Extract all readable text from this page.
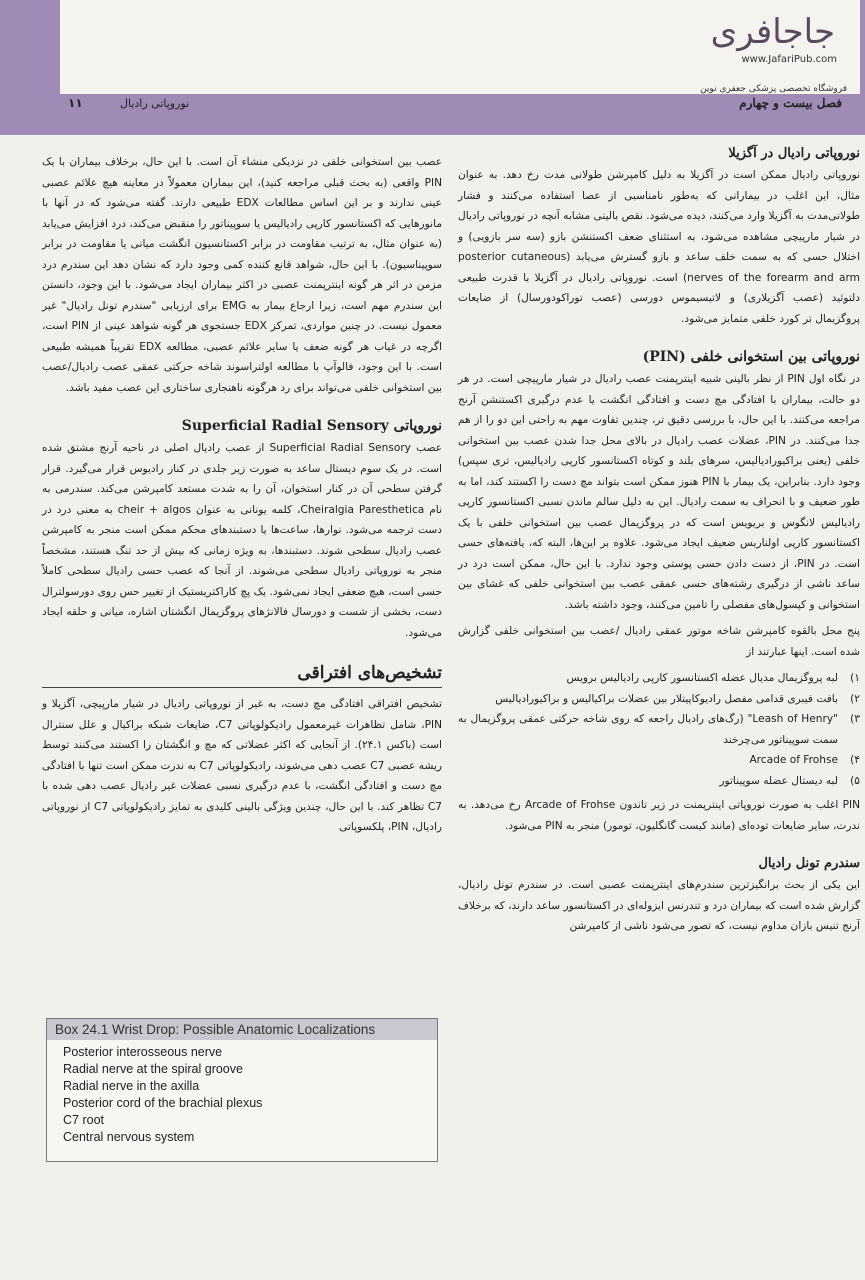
جاجافری
www.JafariPub.com
فروشگاه تخصصی پزشکی جعفری نوین
فصل بیست و چهارم
نوروپاتی رادیال
۱۱
نوروپاتی رادیال در آگزیلا

نوروپاتی رادیال ممکن است در آگزیلا به دلیل کامپرشن طولانی مدت رخ دهد. به عنوان مثال، این اغلب در بیمارانی که به‌طور نامناسبی از عصا استفاده می‌کنند و فشار طولانی‌مدت به آگزیلا وارد می‌کنند، دیده می‌شود. نقص بالینی مشابه آنچه در نوروپاتی رادیال در شیار مارپیچی مشاهده می‌شود، به استثنای ضعف اکستنشن بازو (سه سر بازویی) و اختلال حسی که به سمت خلف ساعد و بازو گسترش می‌یابد (posterior cutaneous nerves of the forearm and arm) است. نوروپاتی رادیال در آگزیلا با قدرت طبیعی دلتوئید (عصب آگزیلاری) و لاتیسیموس دورسی (عصب توراکودورسال) از ضایعات پروگزیمال تر کورد خلفی متمایز می‌شود.

نوروپاتی بین استخوانی خلفی (PIN)

در نگاه اول PIN از نظر بالینی شبیه اینترپمنت عصب رادیال در شیار مارپیچی است. در هر دو حالت، بیماران با افتادگی مچ دست و افتادگی انگشت یا عدم درگیری اکستنشن آرنج مراجعه می‌کنند. با این حال، با بررسی دقیق تر، چندین تفاوت مهم به راحتی این دو را از هم جدا می‌کنند. در PIN، عضلات عصب رادیال در بالای محل جدا شدن عصب بین استخوانی خلفی (یعنی براکیورادیالیس، سرهای بلند و کوتاه اکستانسور کارپی رادیالیس، تری سپس) وجود دارد. بنابراین، یک بیمار با PIN هنوز ممکن است بتواند مچ دست را اکستند کند، اما به طور ضعیف و با انحراف به سمت رادیال. این به دلیل سالم ماندن نسبی اکستانسور کارپی رادیالیس لانگوس و بریویس است که در پروگزیمال عصب بین استخوانی خلفی با یک اکستانسور کارپی اولناریس ضعیف ایجاد می‌شود. علاوه بر این‌ها، البته که، یافته‌های حسی است. در PIN، از دست دادن حسی پوستی وجود ندارد. با این حال، ممکن است درد در ساعد ناشی از درگیری رشته‌های حسی عمقی عصب بین استخوانی خلفی که غشای بین استخوانی و کپسول‌های مفصلی را تامین می‌کنند، وجود داشته باشد.

پنج محل بالقوه کامپرشن شاخه موتور عمقی رادیال /عصب بین استخوانی خلفی گزارش شده است. اینها عبارتند از

۱)
لبه پروگزیمال مدیال عضله اکستانسور کارپی رادیالیس برویس
۲)
بافت فیبری قدامی مفصل رادیوکاپیتلار بین عضلات براکیالیس و براکیورادیالیس
۳)
"Leash of Henry" (رگ‌های رادیال راجعه که روی شاخه حرکتی عمقی پروگزیمال به سمت سوپیناتور می‌چرخند
۴)
Arcade of Frohse
۵)
لبه دیستال عضله سوپیناتور

PIN اغلب به صورت نوروپاتی اینترپمنت در زیر تاندون Arcade of Frohse رخ می‌دهد. به ندرت، سایر ضایعات توده‌ای (مانند کیست گانگلیون، تومور) منجر به PIN می‌شود.

سندرم تونل رادیال

این یکی از بحث برانگیزترین سندرم‌های اینترپمنت عصبی است. در سندرم تونل رادیال، گزارش شده است که بیماران درد و تندرنس ایزوله‌ای در اکستانسور ساعد دارند، که برخلاف آرنج تنیس بازان مداوم نیست، که تصور می‌شود ناشی از کامپرشن

عصب بین استخوانی خلفی در نزدیکی منشاء آن است. با این حال، برخلاف بیماران با یک PIN واقعی (به بحث قبلی مراجعه کنید)، این بیماران معمولاً در معاینه هیچ علائم عصبی عینی ندارند و بر این اساس مطالعات EDX طبیعی دارند. گفته می‌شود که در آنها با مانورهایی که اکستانسور کارپی رادیالیس یا سوپیناتور را منقبض می‌کند، درد افزایش می‌یابد (به عنوان مثال، به ترتیب مقاومت در برابر اکستانسیون انگشت میانی یا مقاومت در برابر سوپیناسیون). با این حال، شواهد قانع کننده کمی وجود دارد که نشان دهد این سندرم درد مزمن در اثر هر گونه اینترپمنت عصبی در اکثر بیماران ایجاد می‌شود. با این وجود، دانستن این سندرم مهم است، زیرا ارجاع بیمار به EMG برای ارزیابی "سندرم تونل رادیال" غیر معمول نیست. در چنین مواردی، تمرکز EDX جستجوی هر گونه شواهد عینی از PIN است، اگرچه در غیاب هر گونه ضعف یا سایر علائم عصبی، مطالعه EDX تقریباً همیشه طبیعی است. با این وجود، فالوآپ با مطالعه اولتراسوند شاخه حرکتی عمقی عصب رادیال/عصب بین استخوانی خلفی می‌تواند برای رد هرگونه ناهنجاری ساختاری این عصب مفید باشد.

نوروپاتی Superficial Radial Sensory

عصب Superficial Radial Sensory از عصب رادیال اصلی در ناحیه آرنج مشتق شده است. در یک سوم دیستال ساعد به صورت زیر جلدی در کنار رادیوس قرار می‌گیرد. قرار گرفتن سطحی آن در کنار استخوان، آن را به شدت مستعد کامپرشن می‌کند. سندرمی به نام Cheiralgia Paresthetica، کلمه یونانی به عنوان cheir + algos به معنی درد در دست ترجمه می‌شود. نوارها، ساعت‌ها یا دستبندهای محکم ممکن است منجر به کامپرشن عصب رادیال سطحی شوند. دستبندها، به ویژه زمانی که بیش از حد تنگ هستند، مشخصاً منجر به نوروپاتی رادیال سطحی می‌شوند. از آنجا که عصب حسی رادیال سطحی کاملاً حسی است، هیچ ضعفی ایجاد نمی‌شود. یک پچ کاراکتریستیک از تغییر حس روی دورسولترال دست، بخشی از شست و دورسال فالانژهای پروگزیمال انگشتان اشاره، میانی و حلقه ایجاد می‌شود.

تشخیص‌های افتراقی

تشخیص افتراقی افتادگی مچ دست، به غیر از نوروپاتی رادیال در شیار مارپیچی، آگزیلا و PIN، شامل تظاهرات غیرمعمول رادیکولوپاتی C7، ضایعات شبکه براکیال و علل سنترال است (باکس ۲۴.۱). از آنجایی که اکثر عضلاتی که مچ و انگشتان را اکستند می‌کنند توسط ریشه عصبی C7 عصب دهی می‌شوند، رادیکولوپاتی C7 به ندرت ممکن است تنها با افتادگی مچ دست و افتادگی انگشت، با عدم درگیری نسبی عضلات غیر رادیال عصب دهی شده با C7 تظاهر کند. با این حال، چندین ویژگی بالینی کلیدی به تمایز رادیکولوپاتی C7 از نوروپاتی رادیال، PIN، پلکسوپاتی

Box 24.1 Wrist Drop: Possible Anatomic Localizations
Posterior interosseous nerve
Radial nerve at the spiral groove
Radial nerve in the axilla
Posterior cord of the brachial plexus
C7 root
Central nervous system
